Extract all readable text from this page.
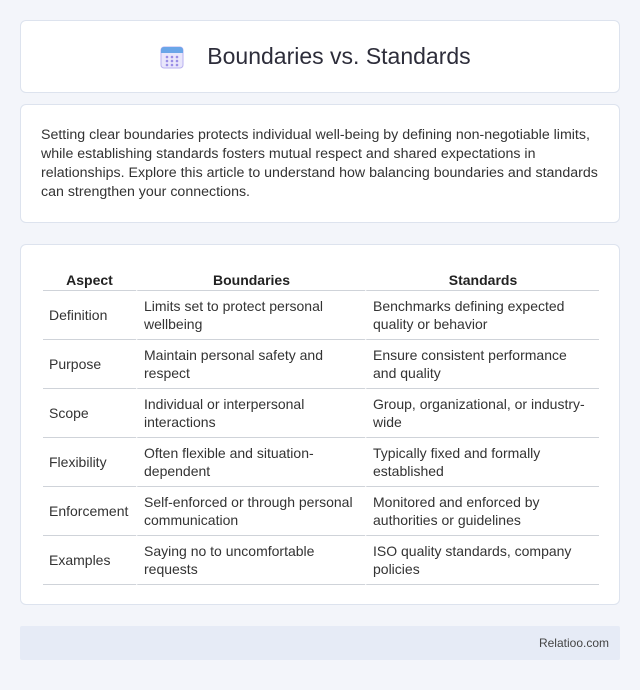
Boundaries vs. Standards

Setting clear boundaries protects individual well-being by defining non-negotiable limits, while establishing standards fosters mutual respect and shared expectations in relationships. Explore this article to understand how balancing boundaries and standards can strengthen your connections.

Aspect	Boundaries	Standards
Definition	Limits set to protect personal wellbeing	Benchmarks defining expected quality or behavior
Purpose	Maintain personal safety and respect	Ensure consistent performance and quality
Scope	Individual or interpersonal interactions	Group, organizational, or industry-wide
Flexibility	Often flexible and situation-dependent	Typically fixed and formally established
Enforcement	Self-enforced or through personal communication	Monitored and enforced by authorities or guidelines
Examples	Saying no to uncomfortable requests	ISO quality standards, company policies
Relatioo.com
